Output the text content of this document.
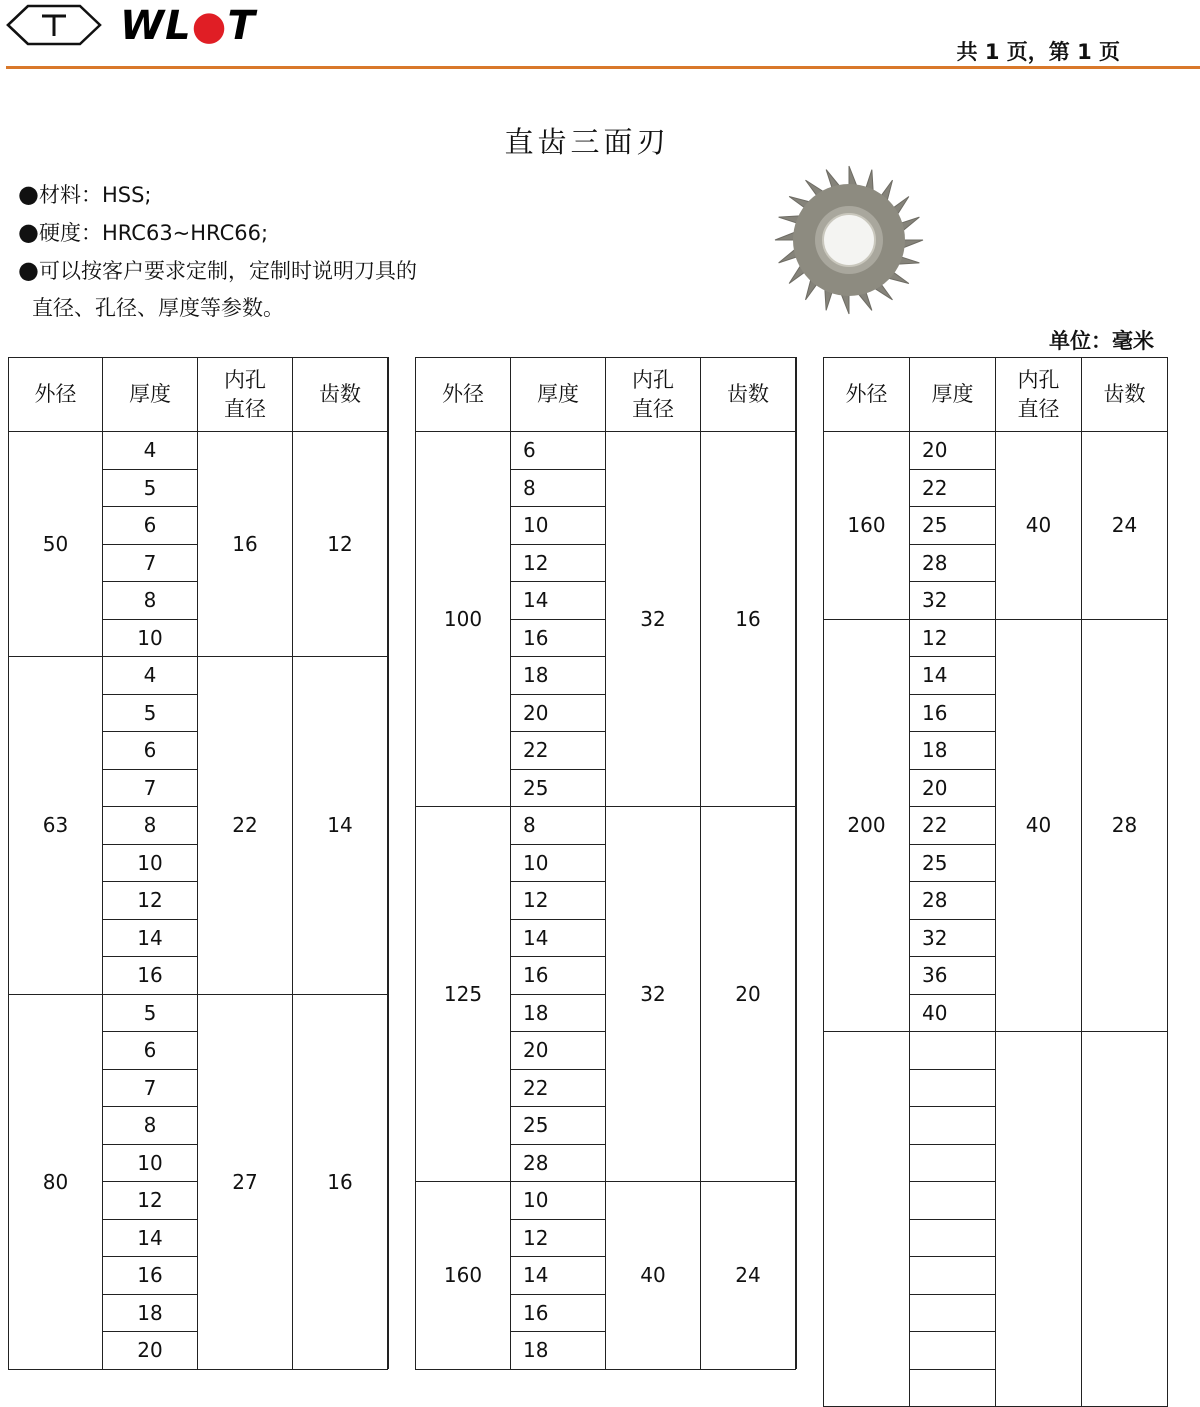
WL●T
共 1 页，第 1 页
直齿三面刃
●材料：HSS;
●硬度：HRC63~HRC66;
●可以按客户要求定制，定制时说明刀具的
直径、孔径、厚度等参数。
单位：毫米
外径	厚度	内孔
直径	齿数

50	4	16	12
	5		
	6		
	7		
	8		
	10		
63	4	22	14
	5		
	6		
	7		
	8		
	10		
	12		
	14		
	16		
80	5	27	16
	6		
	7		
	8		
	10		
	12		
	14		
	16		
	18		
	20		
外径	厚度	内孔
直径	齿数

100	6	32	16
	8		
	10		
	12		
	14		
	16		
	18		
	20		
	22		
	25		
125	8	32	20
	10		
	12		
	14		
	16		
	18		
	20		
	22		
	25		
	28		
160	10	40	24
	12		
	14		
	16		
	18		
外径	厚度	内孔
直径	齿数

160	20	40	24
	22		
	25		
	28		
	32		
200	12	40	28
	14		
	16		
	18		
	20		
	22		
	25		
	28		
	32		
	36		
	40		
